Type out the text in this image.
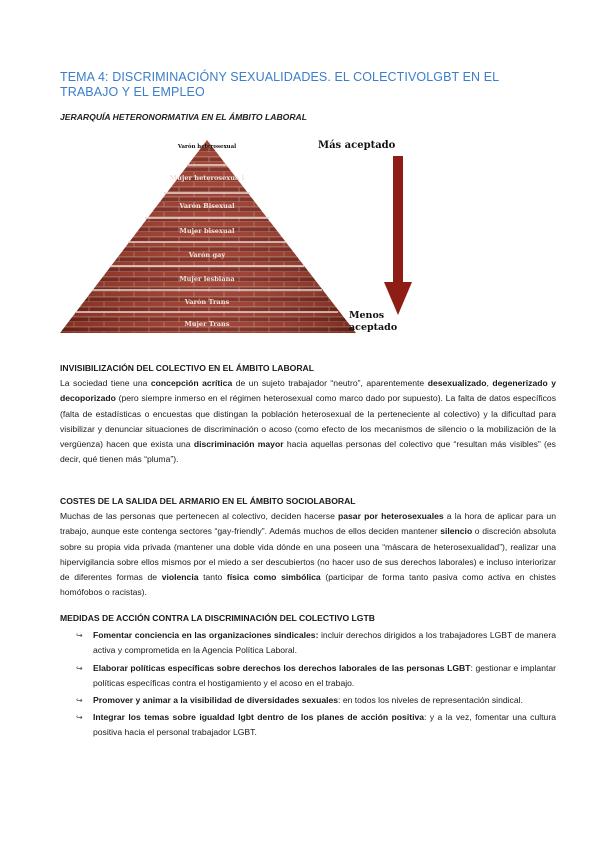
TEMA 4: DISCRIMINACIÓNY SEXUALIDADES. EL COLECTIVOLGBT EN EL TRABAJO Y EL EMPLEO
JERARQUÍA HETERONORMATIVA EN EL ÁMBITO LABORAL
Varón heterosexual
Mujer heterosexua l
Varón Bisexual
Mujer bisexual
Varón gay
Mujer lesbiana
Varón Trans
Mujer Trans
Más aceptado
Menos
aceptado

INVISIBILIZACIÓN DEL COLECTIVO EN EL ÁMBITO LABORAL

La sociedad tiene una concepción acrítica de un sujeto trabajador “neutro”, aparentemente desexualizado, degenerizado y decoporizado (pero siempre inmerso en el régimen heterosexual como marco dado por supuesto). La falta de datos específicos (falta de estadísticas o encuestas que distingan la población heterosexual de la perteneciente al colectivo) y la dificultad para visibilizar y denunciar situaciones de discriminación o acoso (como efecto de los mecanismos de silencio o la mobilización de la vergüenza) hacen que exista una discriminación mayor hacia aquellas personas del colectivo que “resultan más visibles” (es decir, qué tienen más “pluma”).

COSTES DE LA SALIDA DEL ARMARIO EN EL ÁMBITO SOCIOLABORAL

Muchas de las personas que pertenecen al colectivo, deciden hacerse pasar por heterosexuales a la hora de aplicar para un trabajo, aunque este contenga sectores “gay-friendly”. Además muchos de ellos deciden mantener silencio o discreción absoluta sobre su propia vida privada (mantener una doble vida dónde en una poseen una “máscara de heterosexualidad”), realizar una hipervigilancia sobre ellos mismos por el miedo a ser descubiertos (no hacer uso de sus derechos laborales) e incluso interiorizar de diferentes formas de violencia tanto física como simbólica (participar de forma tanto pasiva como activa en chistes homófobos o racistas).

MEDIDAS DE ACCIÓN CONTRA LA DISCRIMINACIÓN DEL COLECTIVO LGTB

↪ Fomentar conciencia en las organizaciones sindicales: incluir derechos dirigidos a los trabajadores LGBT de manera activa y comprometida en la Agencia Política Laboral.
↪ Elaborar políticas específicas sobre derechos los derechos laborales de las personas LGBT: gestionar e implantar políticas específicas contra el hostigamiento y el acoso en el trabajo.
↪ Promover y animar a la visibilidad de diversidades sexuales: en todos los niveles de representación sindical.
↪ Integrar los temas sobre igualdad lgbt dentro de los planes de acción positiva: y a la vez, fomentar una cultura positiva hacia el personal trabajador LGBT.
